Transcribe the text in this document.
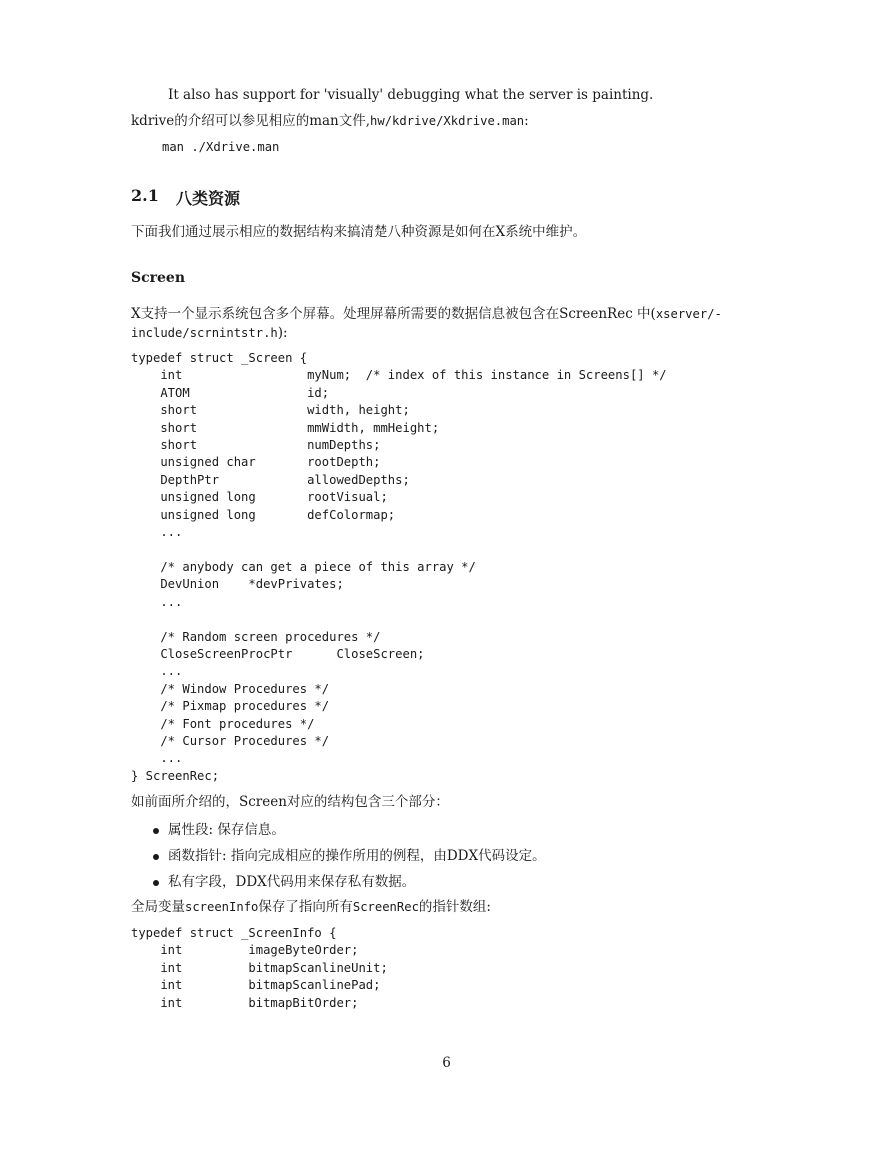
It also has support for 'visually' debugging what the server is painting.
kdrive的介绍可以参见相应的man文件,hw/kdrive/Xkdrive.man:
man ./Xdrive.man
2.1 八类资源
下面我们通过展示相应的数据结构来搞清楚八种资源是如何在X系统中维护。
Screen
X支持一个显示系统包含多个屏幕。处理屏幕所需要的数据信息被包含在ScreenRec 中(xserver/-
include/scrnintstr.h):
typedef struct _Screen {
int                 myNum;  /* index of this instance in Screens[] */
ATOM                id;
short               width, height;
short               mmWidth, mmHeight;
short               numDepths;
unsigned char       rootDepth;
DepthPtr            allowedDepths;
unsigned long       rootVisual;
unsigned long       defColormap;
...

/* anybody can get a piece of this array */
DevUnion    *devPrivates;
...

/* Random screen procedures */
CloseScreenProcPtr      CloseScreen;
...
/* Window Procedures */
/* Pixmap procedures */
/* Font procedures */
/* Cursor Procedures */
...
} ScreenRec;

如前面所介绍的，Screen对应的结构包含三个部分：
属性段: 保存信息。
函数指针: 指向完成相应的操作所用的例程，由DDX代码设定。
私有字段，DDX代码用来保存私有数据。
全局变量screenInfo保存了指向所有ScreenRec的指针数组:
typedef struct _ScreenInfo {
int         imageByteOrder;
int         bitmapScanlineUnit;
int         bitmapScanlinePad;
int         bitmapBitOrder;

6
